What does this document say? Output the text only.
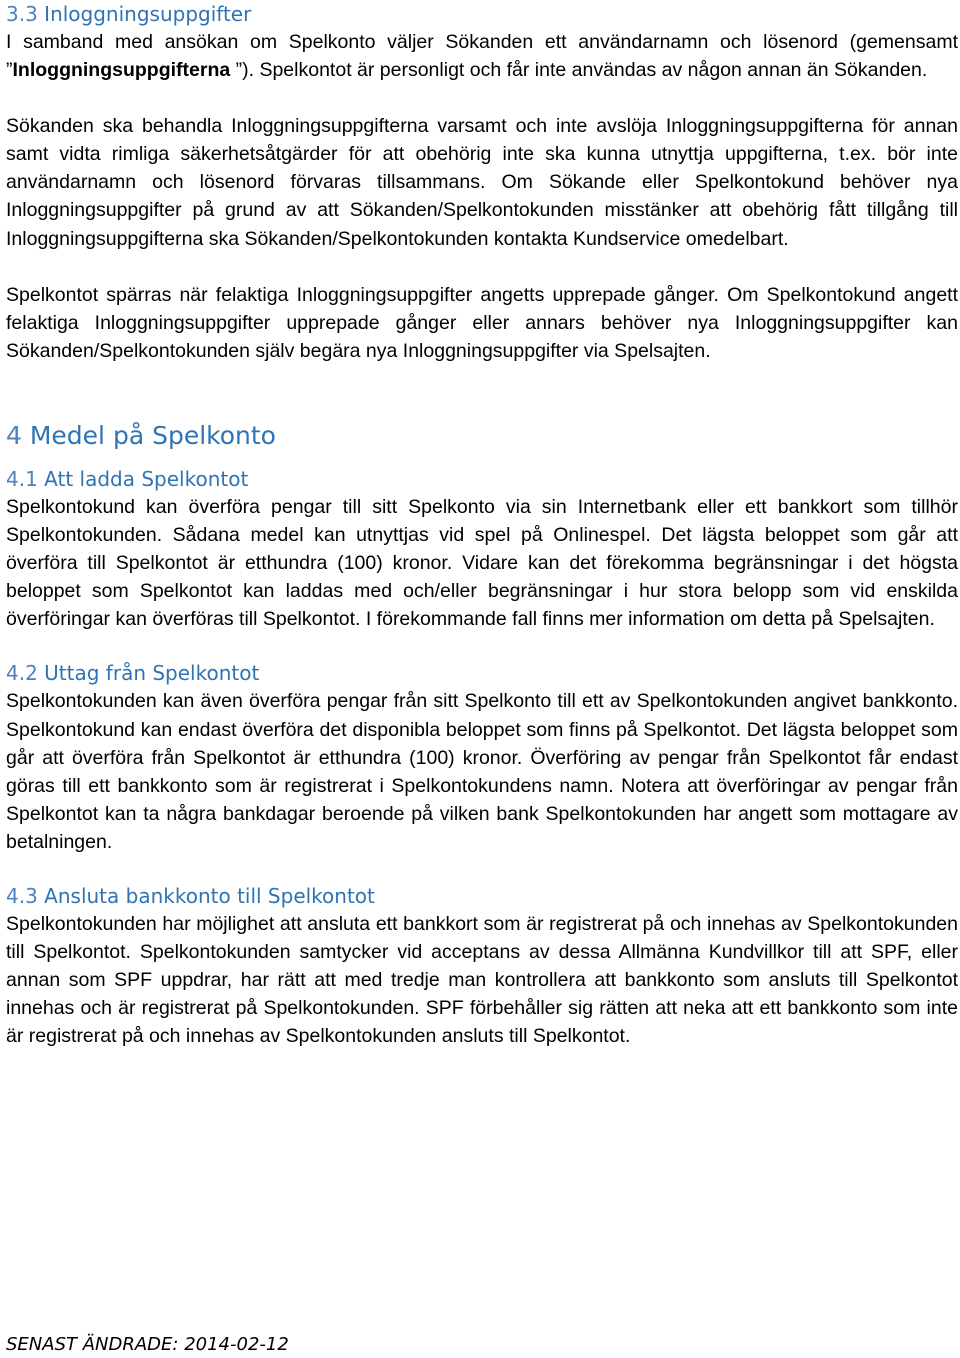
3.3 Inloggningsuppgifter

I samband med ansökan om Spelkonto väljer Sökanden ett användarnamn och lösenord (gemensamt ”Inloggningsuppgifterna ”). Spelkontot är personligt och får inte användas av någon annan än Sökanden.

Sökanden ska behandla Inloggningsuppgifterna varsamt och inte avslöja Inloggningsuppgifterna för annan samt vidta rimliga säkerhetsåtgärder för att obehörig inte ska kunna utnyttja uppgifterna, t.ex. bör inte användarnamn och lösenord förvaras tillsammans. Om Sökande eller Spelkontokund behöver nya Inloggningsuppgifter på grund av att Sökanden/Spelkontokunden misstänker att obehörig fått tillgång till Inloggningsuppgifterna ska Sökanden/Spelkontokunden kontakta Kundservice omedelbart.

Spelkontot spärras när felaktiga Inloggningsuppgifter angetts upprepade gånger. Om Spelkontokund angett felaktiga Inloggningsuppgifter upprepade gånger eller annars behöver nya Inloggningsuppgifter kan Sökanden/Spelkontokunden själv begära nya Inloggningsuppgifter via Spelsajten.

4 Medel på Spelkonto
4.1 Att ladda Spelkontot

Spelkontokund kan överföra pengar till sitt Spelkonto via sin Internetbank eller ett bankkort som tillhör Spelkontokunden. Sådana medel kan utnyttjas vid spel på Onlinespel. Det lägsta beloppet som går att överföra till Spelkontot är etthundra (100) kronor. Vidare kan det förekomma begränsningar i det högsta beloppet som Spelkontot kan laddas med och/eller begränsningar i hur stora belopp som vid enskilda överföringar kan överföras till Spelkontot. I förekommande fall finns mer information om detta på Spelsajten.

4.2 Uttag från Spelkontot

Spelkontokunden kan även överföra pengar från sitt Spelkonto till ett av Spelkontokunden angivet bankkonto. Spelkontokund kan endast överföra det disponibla beloppet som finns på Spelkontot. Det lägsta beloppet som går att överföra från Spelkontot är etthundra (100) kronor. Överföring av pengar från Spelkontot får endast göras till ett bankkonto som är registrerat i Spelkontokundens namn. Notera att överföringar av pengar från Spelkontot kan ta några bankdagar beroende på vilken bank Spelkontokunden har angett som mottagare av betalningen.

4.3 Ansluta bankkonto till Spelkontot

Spelkontokunden har möjlighet att ansluta ett bankkort som är registrerat på och innehas av Spelkontokunden till Spelkontot. Spelkontokunden samtycker vid acceptans av dessa Allmänna Kundvillkor till att SPF, eller annan som SPF uppdrar, har rätt att med tredje man kontrollera att bankkonto som ansluts till Spelkontot innehas och är registrerat på Spelkontokunden. SPF förbehåller sig rätten att neka att ett bankkonto som inte är registrerat på och innehas av Spelkontokunden ansluts till Spelkontot.

SENAST ÄNDRADE: 2014-02-12
